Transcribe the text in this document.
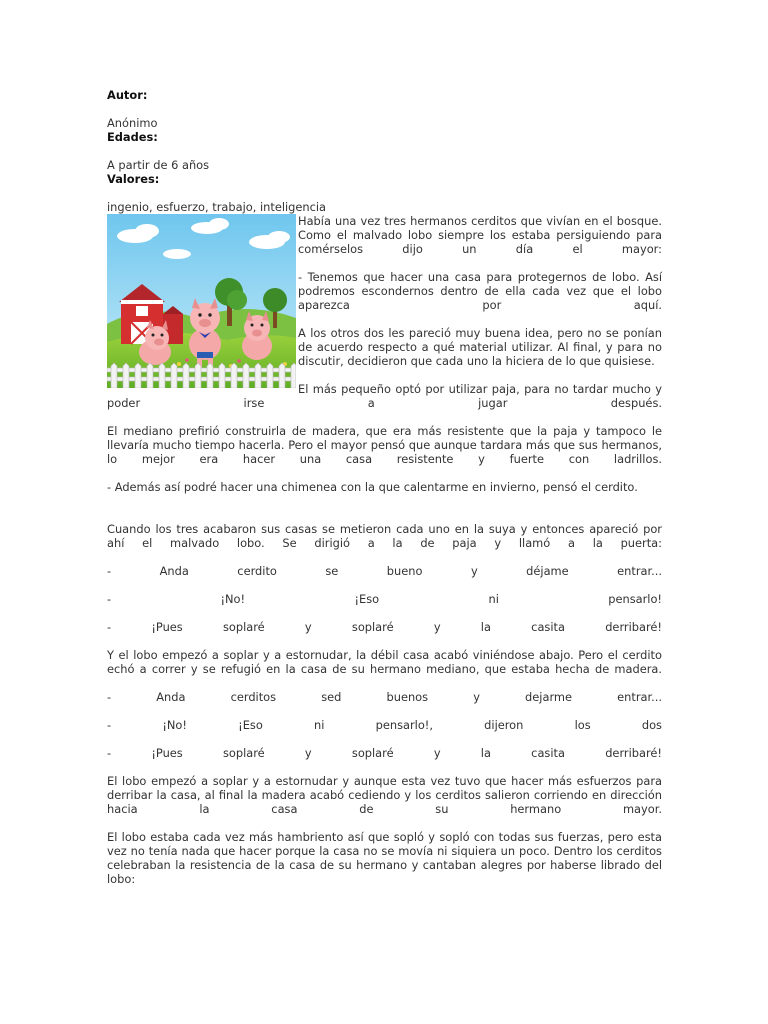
Autor:
Anónimo
Edades:
A partir de 6 años
Valores:
ingenio, esfuerzo, trabajo, inteligencia

Había una vez tres hermanos cerditos que vivían en el bosque. Como el malvado lobo siempre los estaba persiguiendo para comérselos dijo un día el mayor:

- Tenemos que hacer una casa para protegernos de lobo. Así podremos escondernos dentro de ella cada vez que el lobo aparezca por aquí.

A los otros dos les pareció muy buena idea, pero no se ponían de acuerdo respecto a qué material utilizar. Al final, y para no discutir, decidieron que cada uno la hiciera de lo que quisiese.

El más pequeño optó por utilizar paja, para no tardar mucho y poder irse a jugar después.

El mediano prefirió construirla de madera, que era más resistente que la paja y tampoco le llevaría mucho tiempo hacerla. Pero el mayor pensó que aunque tardara más que sus hermanos, lo mejor era hacer una casa resistente y fuerte con ladrillos.

- Además así podré hacer una chimenea con la que calentarme en invierno, pensó el cerdito.

Cuando los tres acabaron sus casas se metieron cada uno en la suya y entonces apareció por ahí el malvado lobo. Se dirigió a la de paja y llamó a la puerta:

- Anda cerdito se bueno y déjame entrar...

- ¡No! ¡Eso ni pensarlo!

- ¡Pues soplaré y soplaré y la casita derribaré!

Y el lobo empezó a soplar y a estornudar, la débil casa acabó viniéndose abajo. Pero el cerdito echó a correr y se refugió en la casa de su hermano mediano, que estaba hecha de madera.

- Anda cerditos sed buenos y dejarme entrar...

- ¡No! ¡Eso ni pensarlo!, dijeron los dos

- ¡Pues soplaré y soplaré y la casita derribaré!

El lobo empezó a soplar y a estornudar y aunque esta vez tuvo que hacer más esfuerzos para derribar la casa, al final la madera acabó cediendo y los cerditos salieron corriendo en dirección hacia la casa de su hermano mayor.

El lobo estaba cada vez más hambriento así que sopló y sopló con todas sus fuerzas, pero esta vez no tenía nada que hacer porque la casa no se movía ni siquiera un poco. Dentro los cerditos celebraban la resistencia de la casa de su hermano y cantaban alegres por haberse librado del lobo:
